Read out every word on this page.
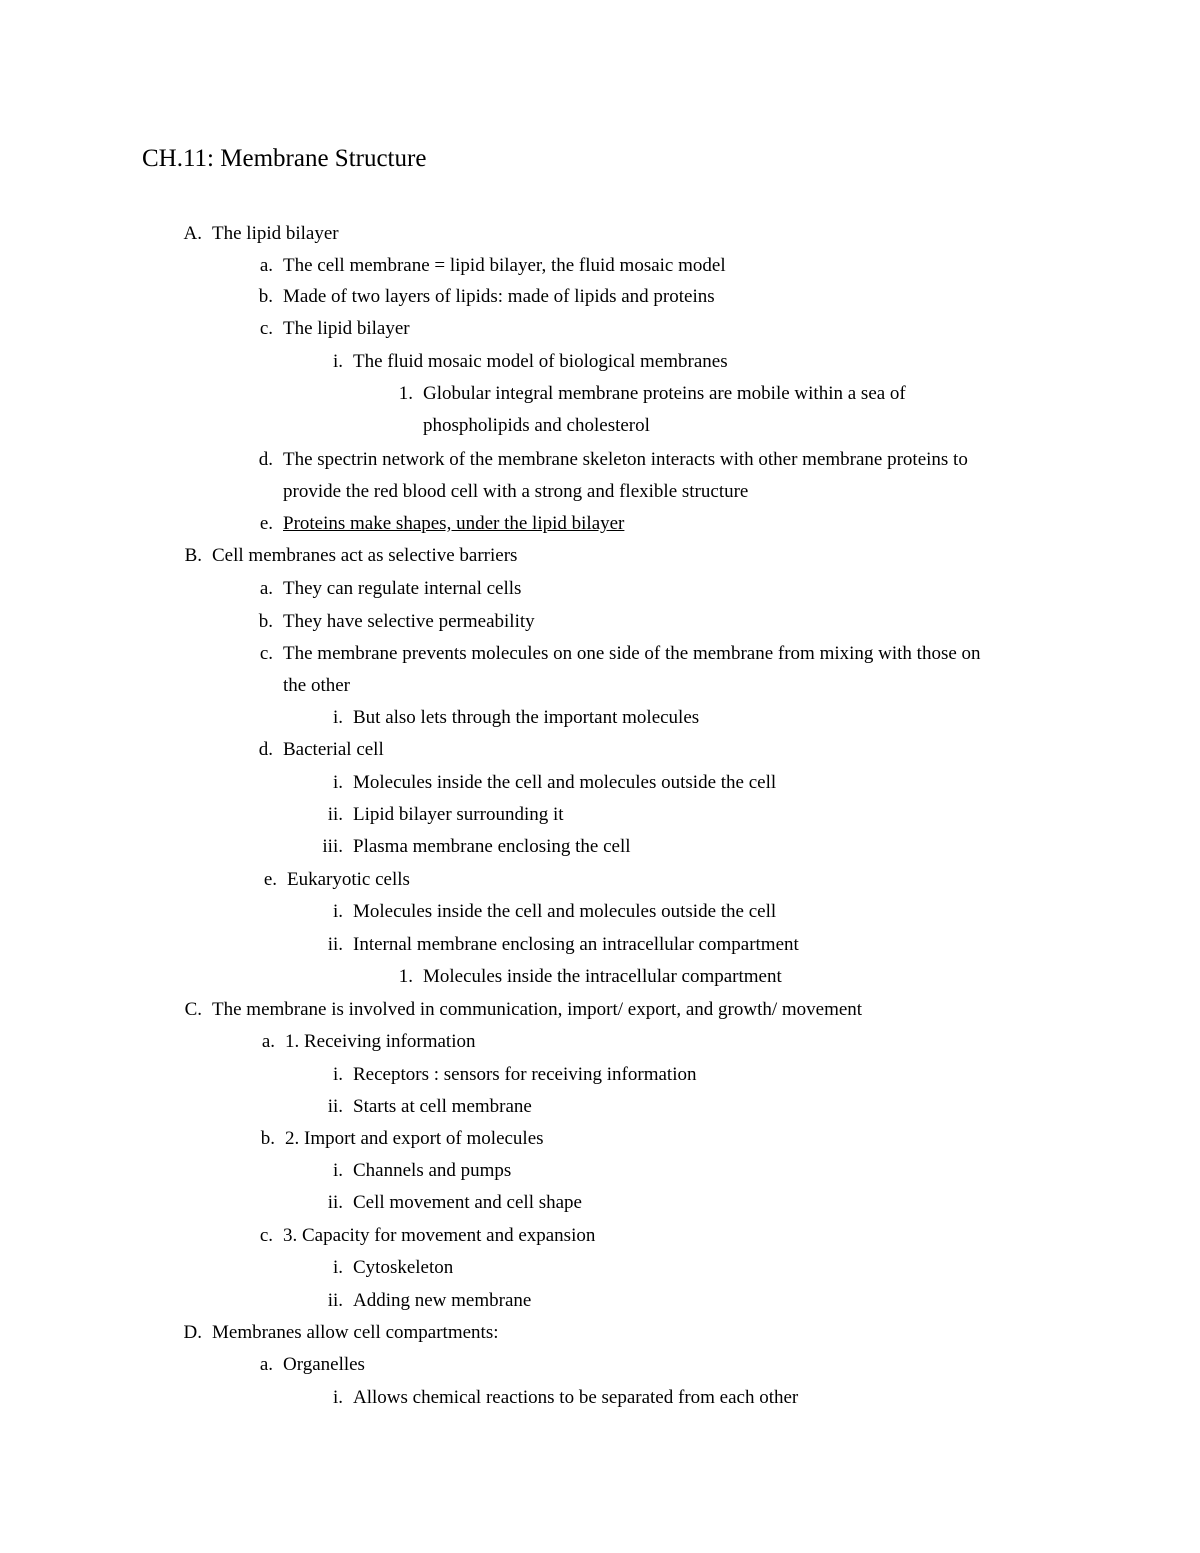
CH.11: Membrane Structure
A. The lipid bilayer
a. The cell membrane = lipid bilayer, the fluid mosaic model
b. Made of two layers of lipids: made of lipids and proteins
c. The lipid bilayer
i. The fluid mosaic model of biological membranes
1. Globular integral membrane proteins are mobile within a sea of
phospholipids and cholesterol
d. The spectrin network of the membrane skeleton interacts with other membrane proteins to
provide the red blood cell with a strong and flexible structure
e. Proteins make shapes, under the lipid bilayer
B. Cell membranes act as selective barriers
a. They can regulate internal cells
b. They have selective permeability
c. The membrane prevents molecules on one side of the membrane from mixing with those on
the other
i. But also lets through the important molecules
d. Bacterial cell
i. Molecules inside the cell and molecules outside the cell
ii. Lipid bilayer surrounding it
iii. Plasma membrane enclosing the cell
e. Eukaryotic cells
i. Molecules inside the cell and molecules outside the cell
ii. Internal membrane enclosing an intracellular compartment
1. Molecules inside the intracellular compartment
C. The membrane is involved in communication, import/ export, and growth/ movement
a. 1. Receiving information
i. Receptors : sensors for receiving information
ii. Starts at cell membrane
b. 2. Import and export of molecules
i. Channels and pumps
ii. Cell movement and cell shape
c. 3. Capacity for movement and expansion
i. Cytoskeleton
ii. Adding new membrane
D. Membranes allow cell compartments:
a. Organelles
i. Allows chemical reactions to be separated from each other
